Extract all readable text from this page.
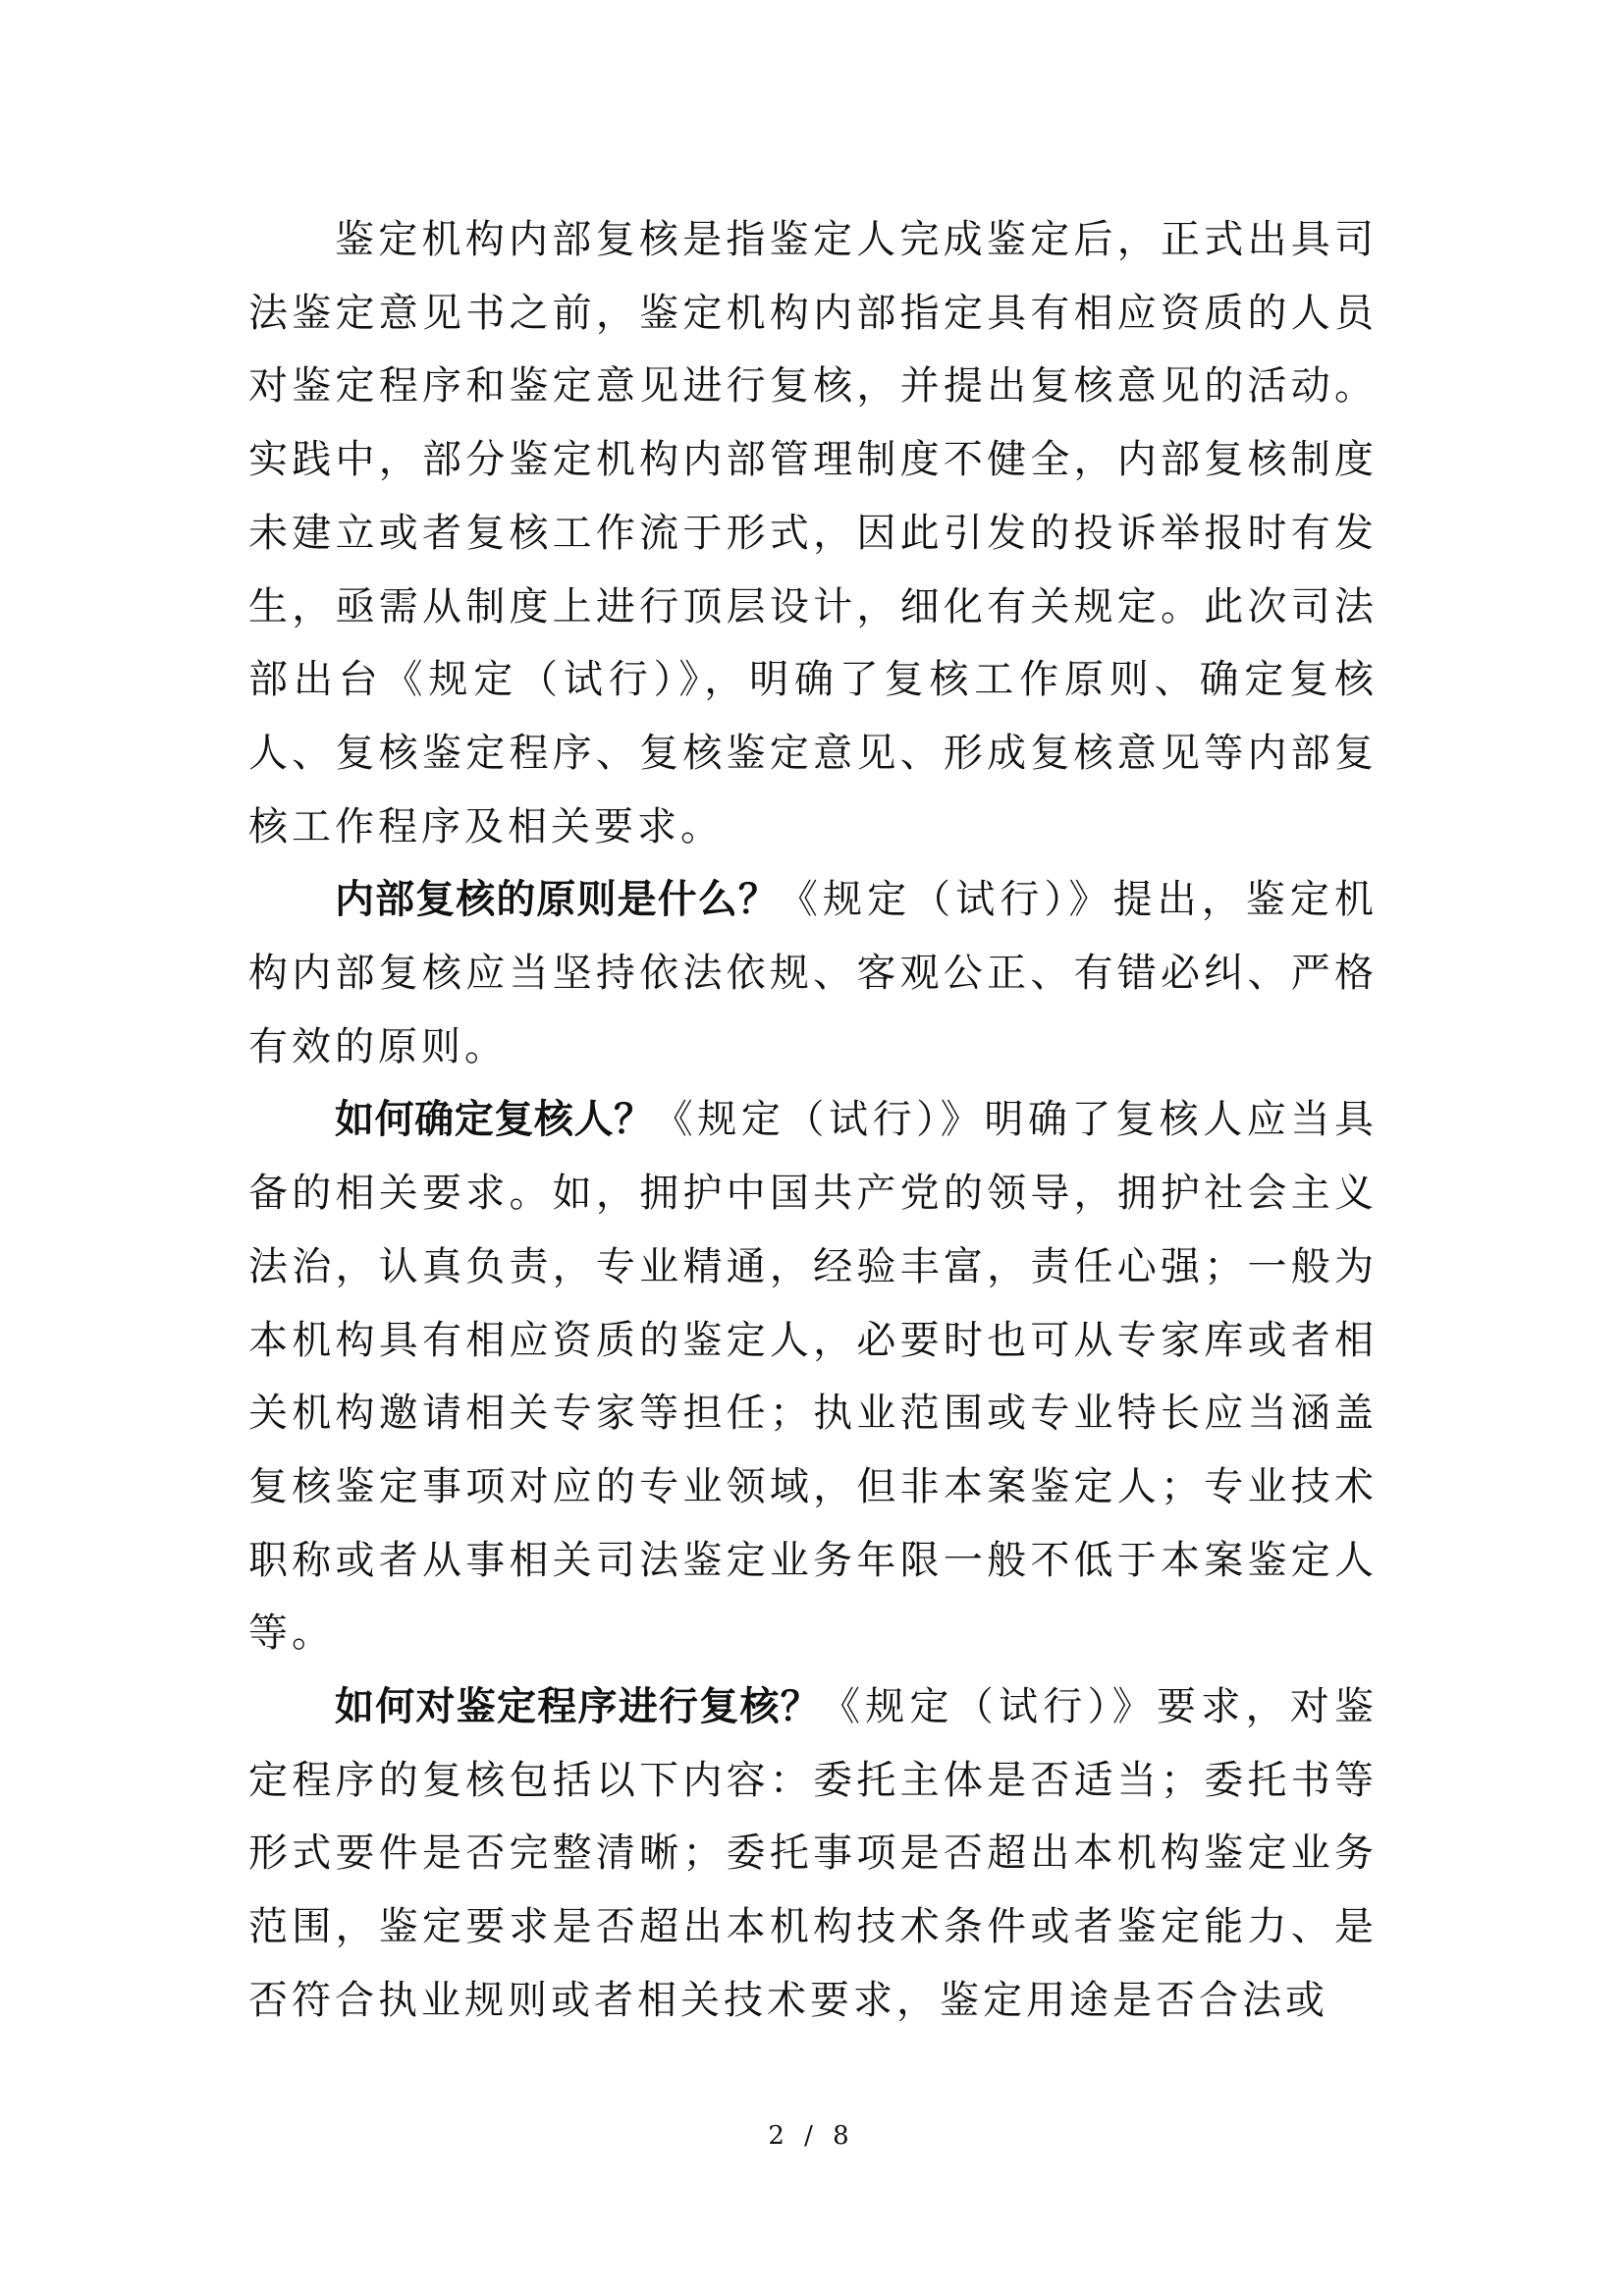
鉴定机构内部复核是指鉴定人完成鉴定后，正式出具司法鉴定意见书之前，鉴定机构内部指定具有相应资质的人员对鉴定程序和鉴定意见进行复核，并提出复核意见的活动。实践中，部分鉴定机构内部管理制度不健全，内部复核制度未建立或者复核工作流于形式，因此引发的投诉举报时有发生，亟需从制度上进行顶层设计，细化有关规定。此次司法部出台《规定（试行）》，明确了复核工作原则、确定复核人、复核鉴定程序、复核鉴定意见、形成复核意见等内部复核工作程序及相关要求。

内部复核的原则是什么？《规定（试行）》提出，鉴定机构内部复核应当坚持依法依规、客观公正、有错必纠、严格有效的原则。

如何确定复核人？《规定（试行）》明确了复核人应当具备的相关要求。如，拥护中国共产党的领导，拥护社会主义法治，认真负责，专业精通，经验丰富，责任心强；一般为本机构具有相应资质的鉴定人，必要时也可从专家库或者相关机构邀请相关专家等担任；执业范围或专业特长应当涵盖复核鉴定事项对应的专业领域，但非本案鉴定人；专业技术职称或者从事相关司法鉴定业务年限一般不低于本案鉴定人等。

如何对鉴定程序进行复核？《规定（试行）》要求，对鉴定程序的复核包括以下内容：委托主体是否适当；委托书等形式要件是否完整清晰；委托事项是否超出本机构鉴定业务范围，鉴定要求是否超出本机构技术条件或者鉴定能力、是否符合执业规则或者相关技术要求，鉴定用途是否合法或

2 / 8
